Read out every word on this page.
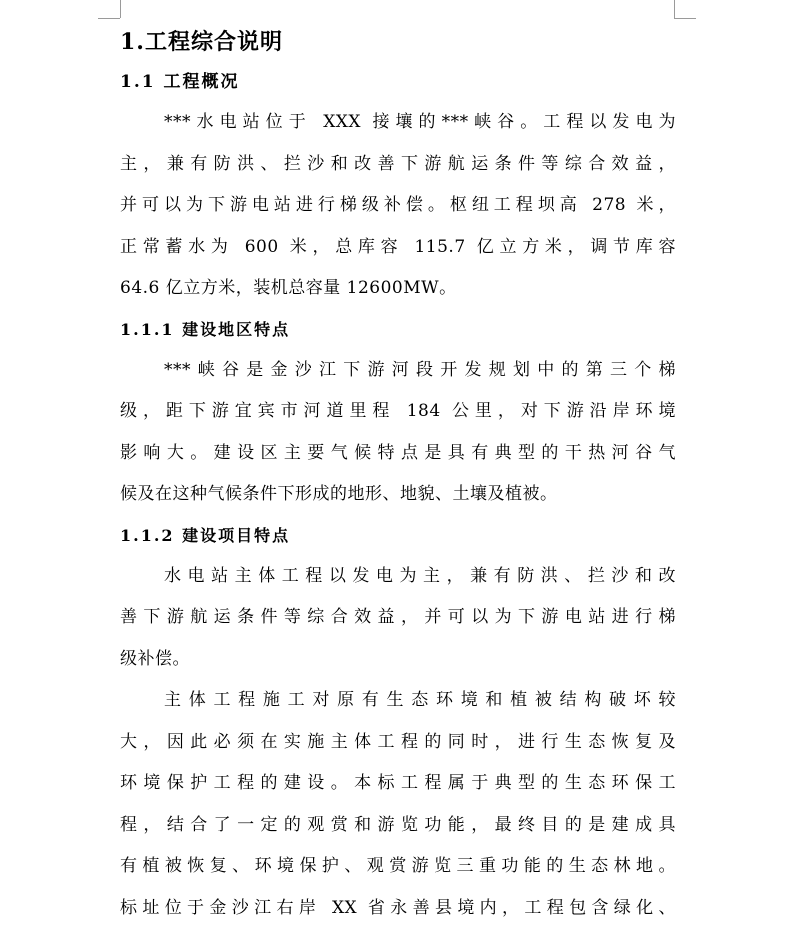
1.工程综合说明
1.1 工程概况
***水电站位于 XXX 接壤的***峡谷。工程以发电为
主，兼有防洪、拦沙和改善下游航运条件等综合效益，
并可以为下游电站进行梯级补偿。枢纽工程坝高 278 米，
正常蓄水为 600 米，总库容 115.7 亿立方米，调节库容
64.6 亿立方米，装机总容量 12600MW。
1.1.1 建设地区特点
***峡谷是金沙江下游河段开发规划中的第三个梯
级，距下游宜宾市河道里程 184 公里，对下游沿岸环境
影响大。建设区主要气候特点是具有典型的干热河谷气
候及在这种气候条件下形成的地形、地貌、土壤及植被。
1.1.2 建设项目特点
水电站主体工程以发电为主，兼有防洪、拦沙和改
善下游航运条件等综合效益，并可以为下游电站进行梯
级补偿。
主体工程施工对原有生态环境和植被结构破坏较
大，因此必须在实施主体工程的同时，进行生态恢复及
环境保护工程的建设。本标工程属于典型的生态环保工
程，结合了一定的观赏和游览功能，最终目的是建成具
有植被恢复、环境保护、观赏游览三重功能的生态林地。
标址位于金沙江右岸 XX 省永善县境内，工程包含绿化、
